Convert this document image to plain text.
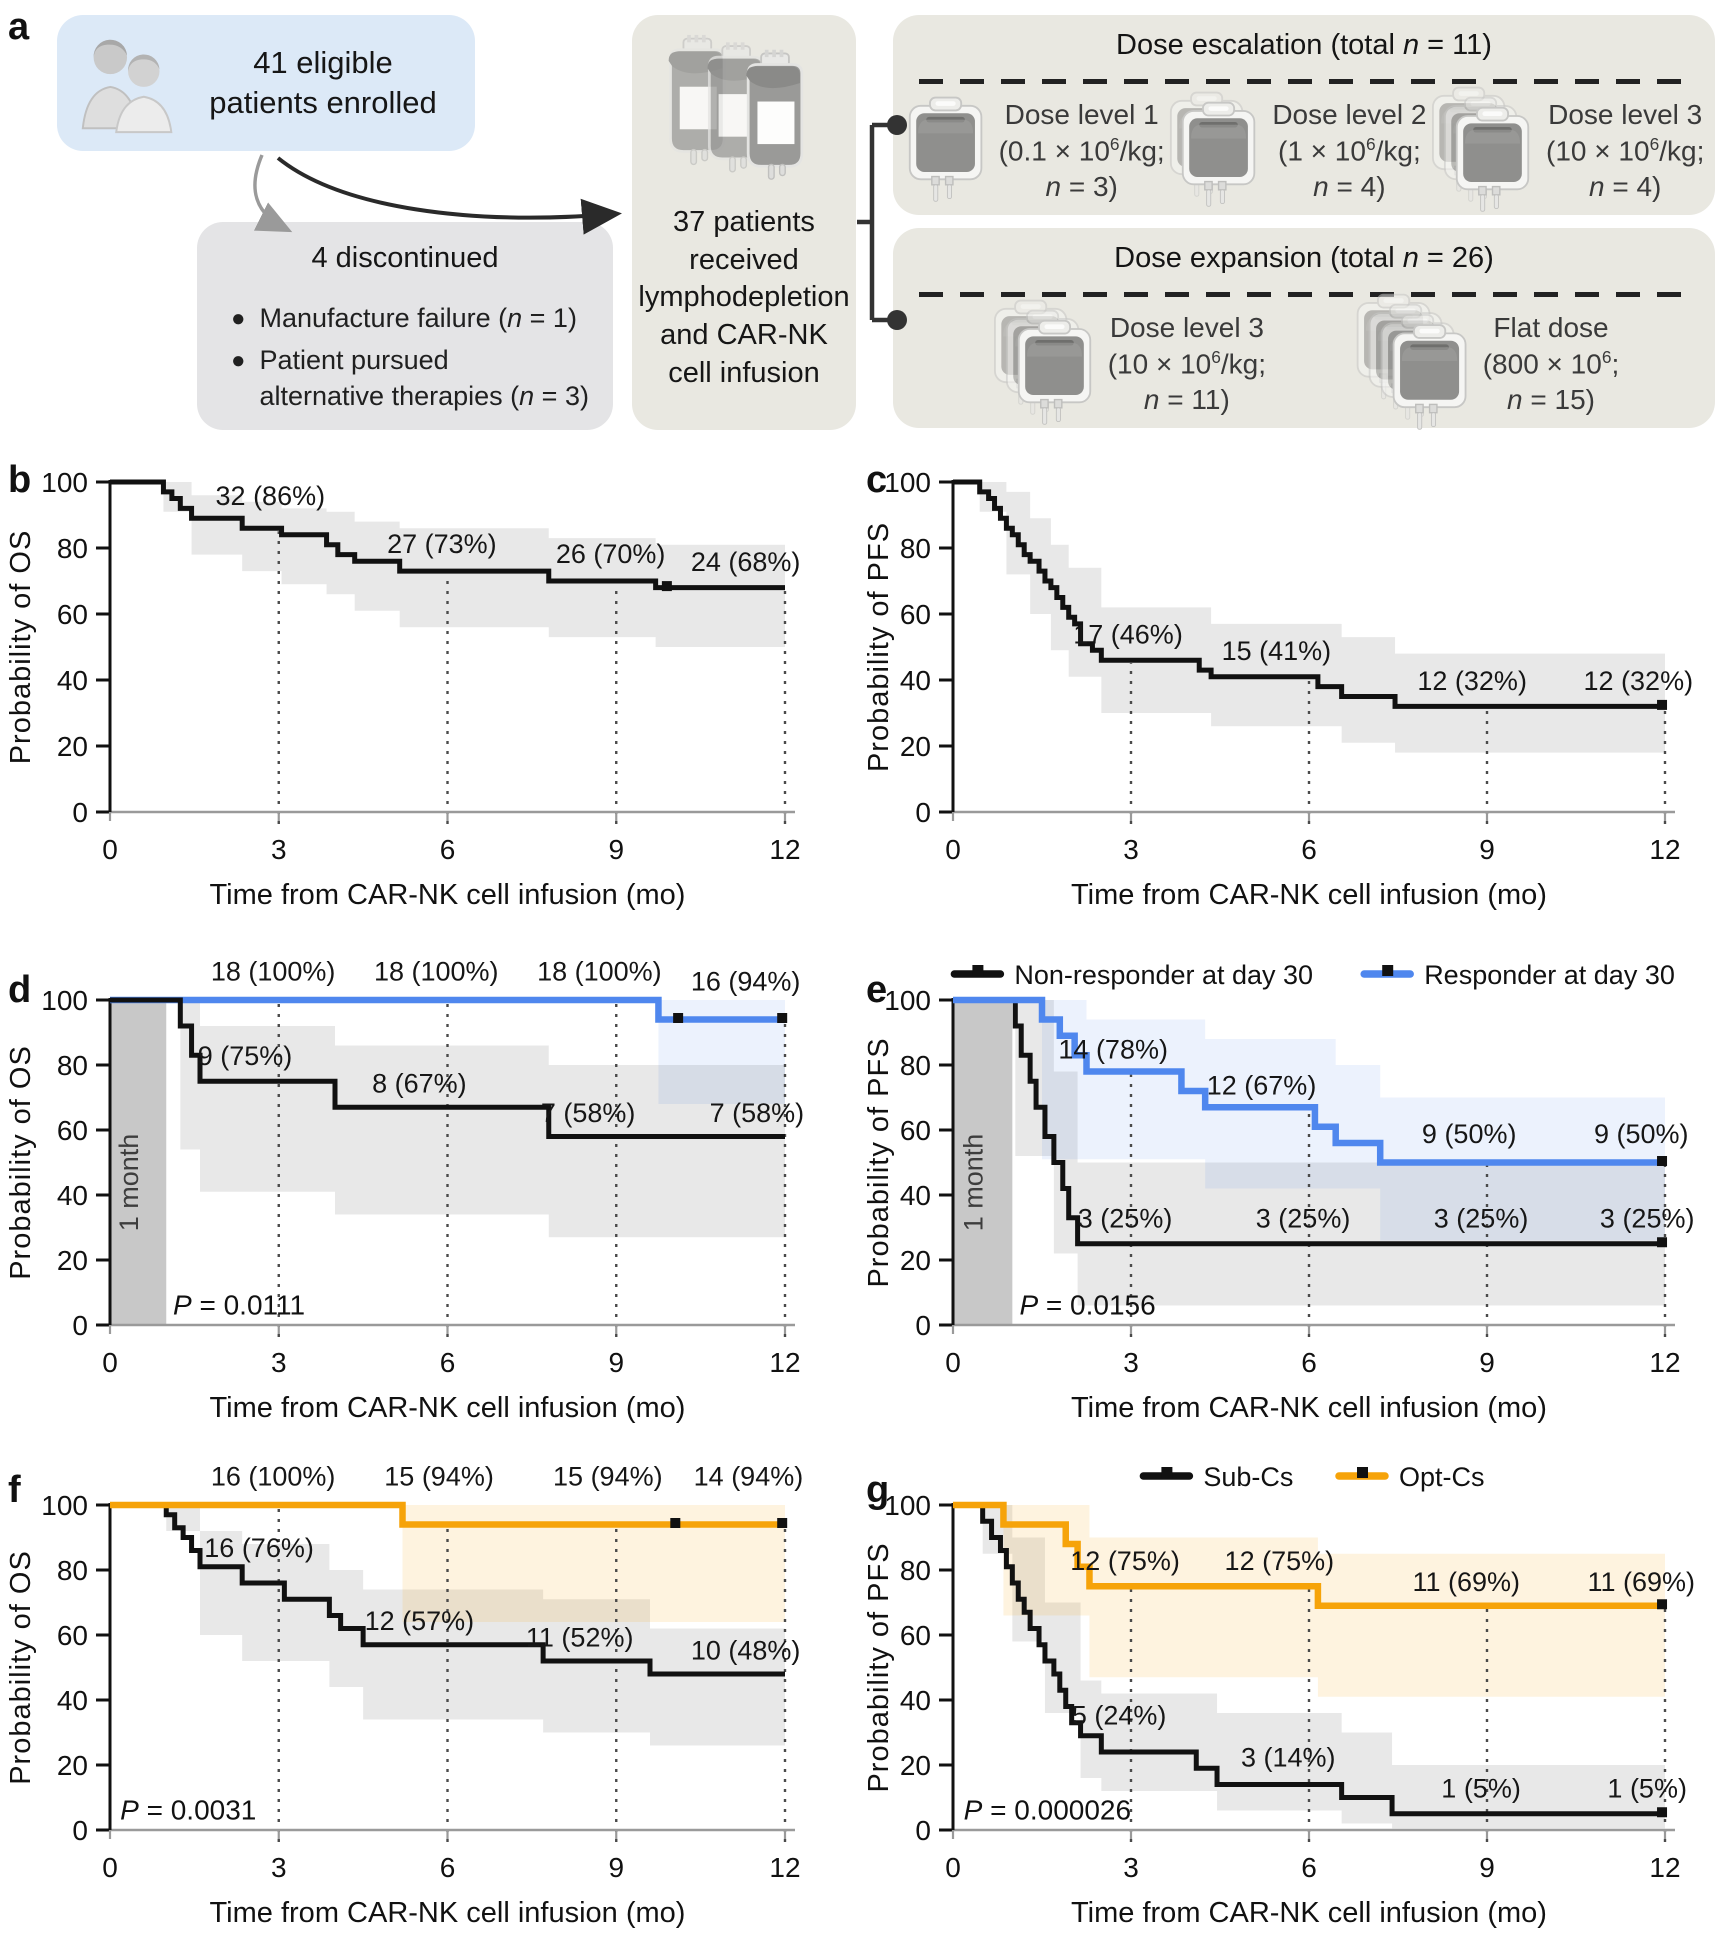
a
41 eligible
patients enrolled
4 discontinued
● Manufacture failure (n = 1)
● Patient pursued
alternative therapies (n = 3)
37 patients
received
lymphodepletion
and CAR-NK
cell infusion
Dose escalation (total n = 11)
Dose level 1
($0.1 \times 10^6/kg$;
n = 3)
Dose level 2
($1 \times 10^6/kg$;
n = 4)
Dose level 3
($10 \times 10^6/kg$;
n = 4)
Dose expansion (total n = 26)
Dose level 3
($10 \times 10^6/kg$;
n = 11)
Flat dose
($800 \times 10^6$;
n = 15)
0
20
40
60
80
100
0	3	6	9	12
32 (86%)
27 (73%) 26 (70%) 24 (68%)
Probability of OS
Time from CAR-NK cell infusion (mo)
b
0
20
40
60
80
100
0	3	6	9	12
17 (46%)
15 (41%)
12 (32%) 12 (32%)
Probability of PFS
Time from CAR-NK cell infusion (mo)
c
1 month
0
20
40
60
80
100
0	3	6	9	12
18 (100%) 18 (100%) 18 (100%) 16 (94%)
9 (75%)
8 (67%)
7 (58%)	7 (58%)
P = 0.0111
Probability of OS
Time from CAR-NK cell infusion (mo)
d
1 month
0
20
40
60
80
100
0	3	6	9	12
3 (25%)	3 (25%)	3 (25%)	3 (25%)
14 (78%)
12 (67%)
9 (50%)	9 (50%)
P = 0.0156
Probability of PFS
Time from CAR-NK cell infusion (mo)
Non-responder at day 30	Responder at day 30
e
0
20
40
60
80
100
0	3	6	9	12
16 (76%)
12 (57%)
11 (52%) 10 (48%)
16 (100%) 15 (94%) 15 (94%) 14 (94%)
P = 0.0031
Probability of OS
Time from CAR-NK cell infusion (mo)
f
0
20
40
60
80
100
0	3	6	9	12
5 (24%)
3 (14%)
1 (5%)	1 (5%)
12 (75%) 12 (75%)
11 (69%) 11 (69%)
P = 0.000026
Probability of PFS
Time from CAR-NK cell infusion (mo)
Sub-Cs	Opt-Cs
g
